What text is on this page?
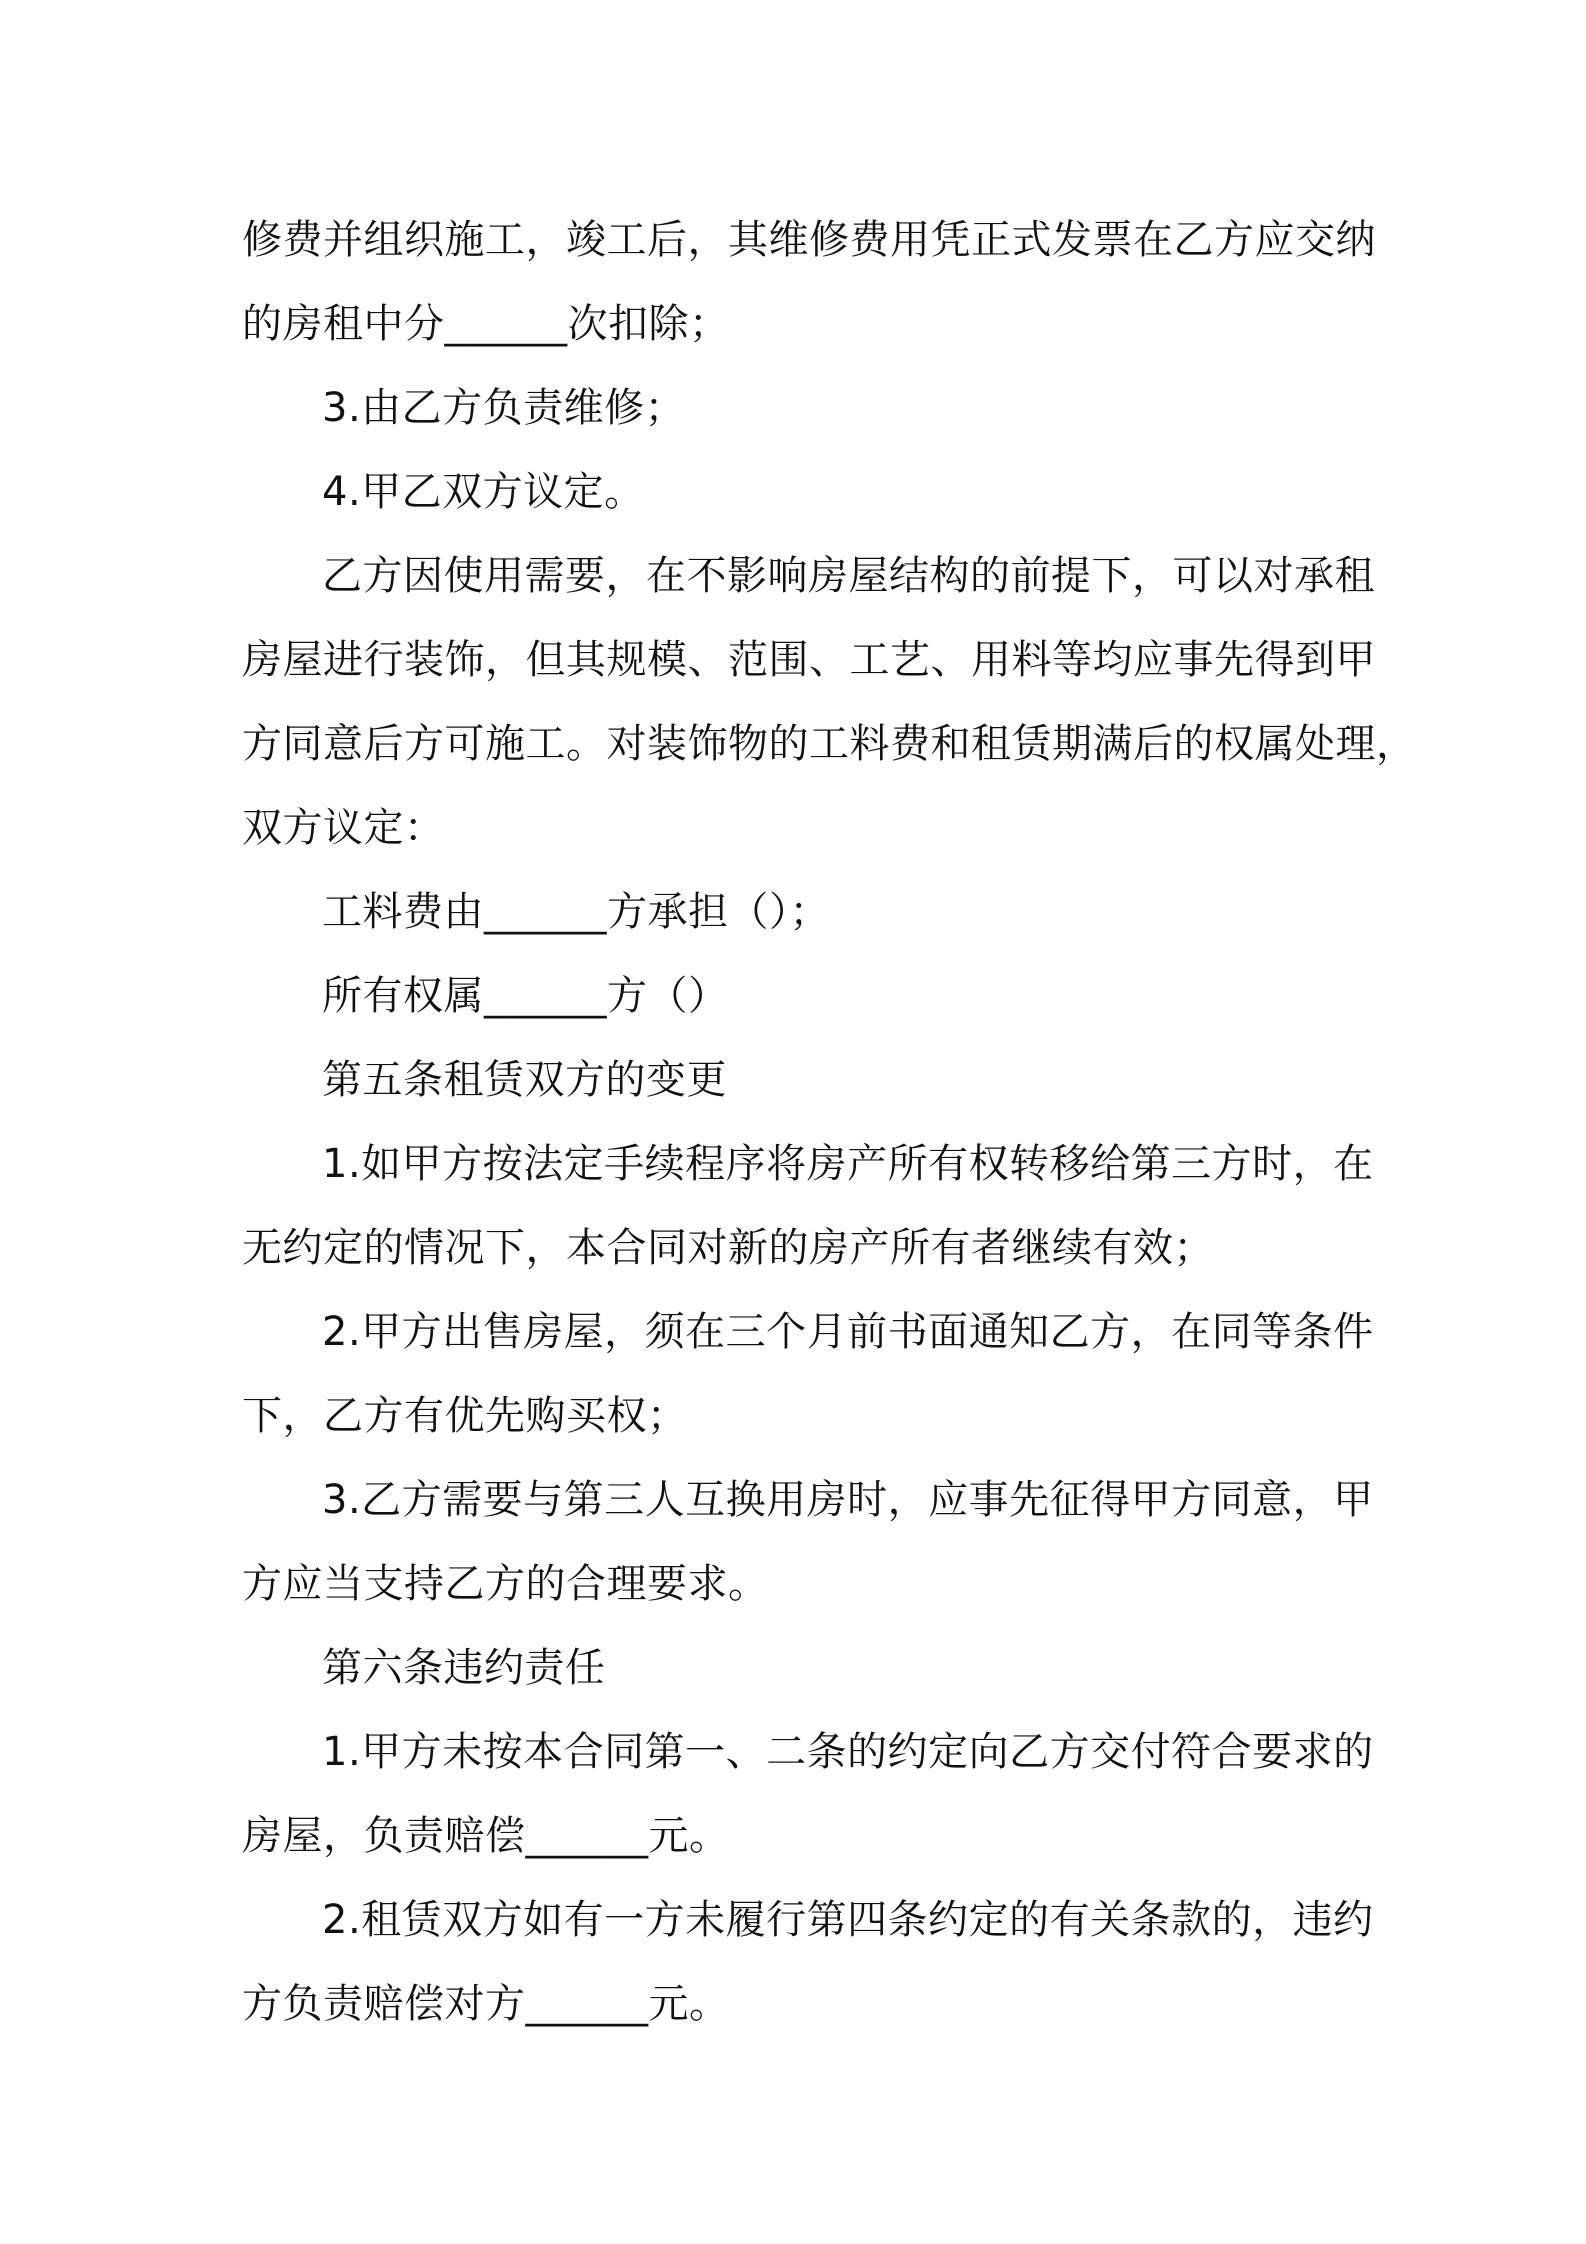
修费并组织施工，竣工后，其维修费用凭正式发票在乙方应交纳
的房租中分______次扣除；
3.由乙方负责维修；
4.甲乙双方议定。
乙方因使用需要，在不影响房屋结构的前提下，可以对承租
房屋进行装饰，但其规模、范围、工艺、用料等均应事先得到甲
方同意后方可施工。对装饰物的工料费和租赁期满后的权属处理，
双方议定：
工料费由______方承担（）；
所有权属______方（）
第五条租赁双方的变更
1.如甲方按法定手续程序将房产所有权转移给第三方时，在
无约定的情况下，本合同对新的房产所有者继续有效；
2.甲方出售房屋，须在三个月前书面通知乙方，在同等条件
下，乙方有优先购买权；
3.乙方需要与第三人互换用房时，应事先征得甲方同意，甲
方应当支持乙方的合理要求。
第六条违约责任
1.甲方未按本合同第一、二条的约定向乙方交付符合要求的
房屋，负责赔偿______元。
2.租赁双方如有一方未履行第四条约定的有关条款的，违约
方负责赔偿对方______元。
